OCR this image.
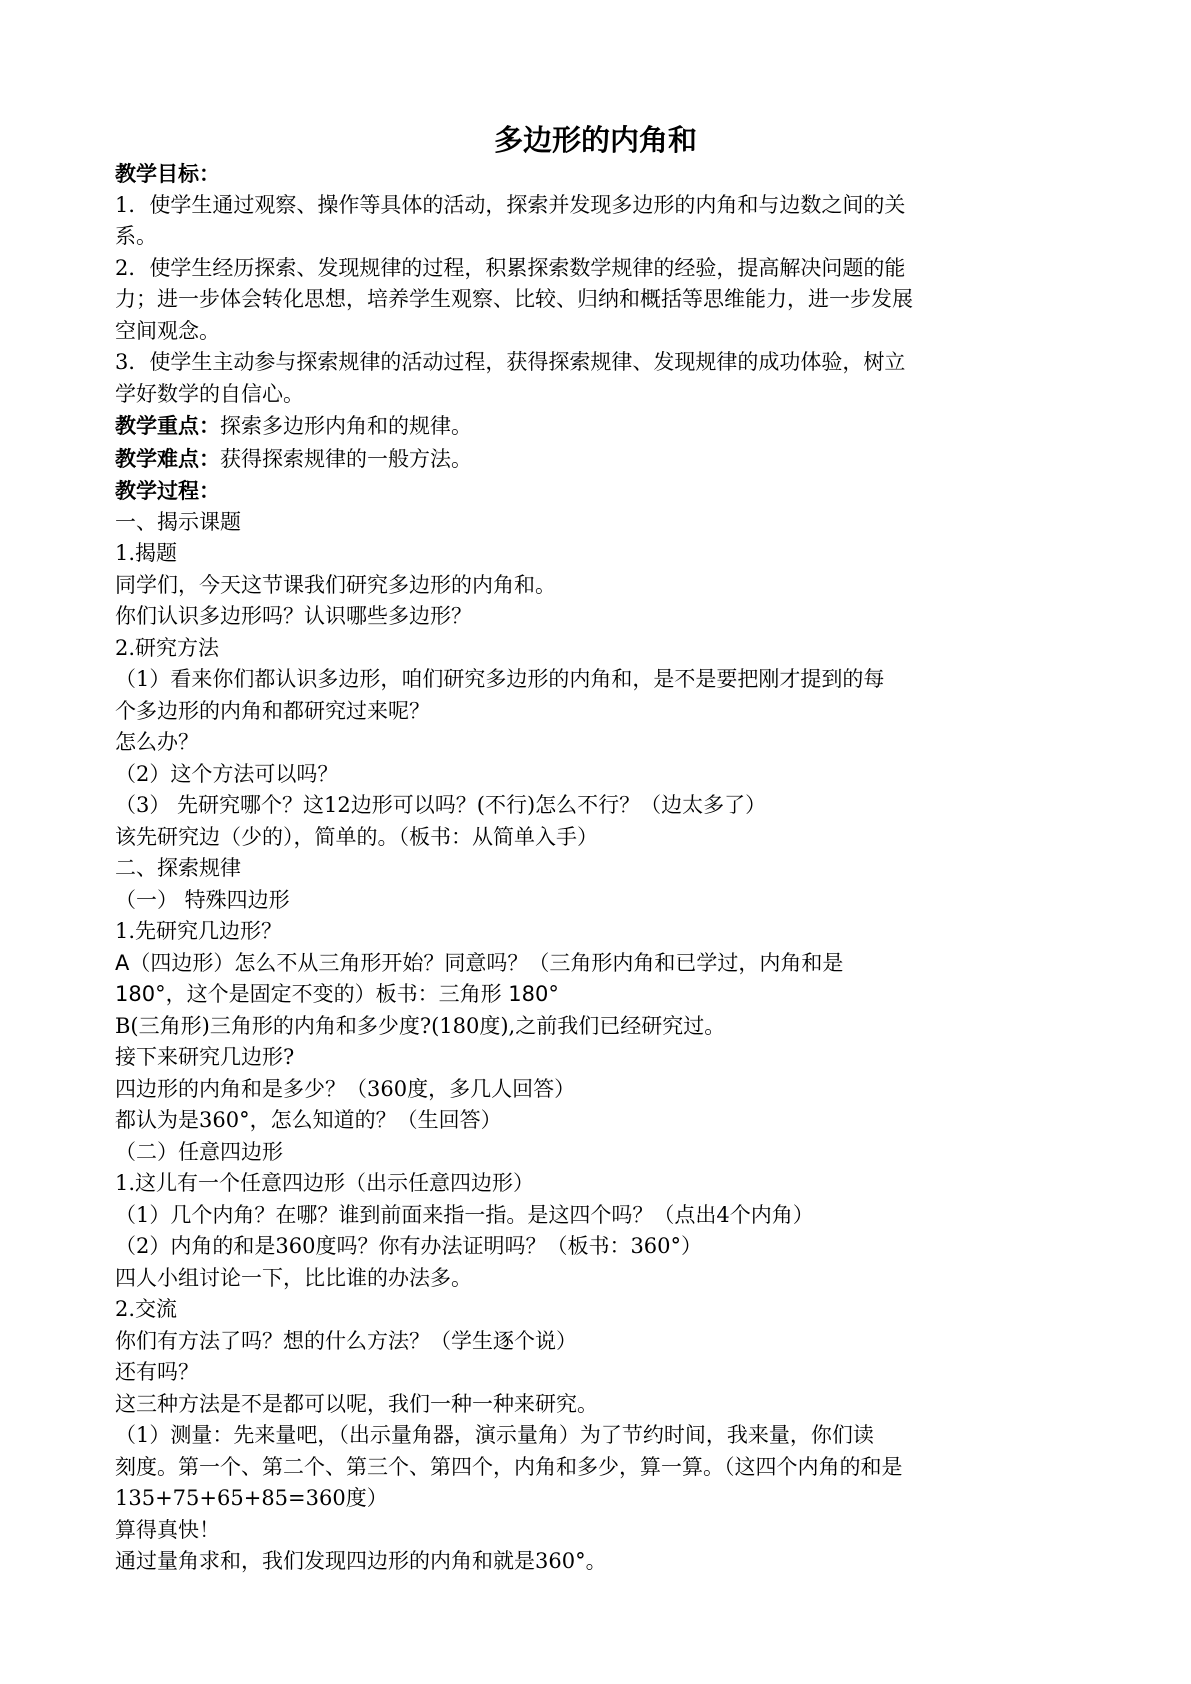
多边形的内角和

教学目标：

1．使学生通过观察、操作等具体的活动，探索并发现多边形的内角和与边数之间的关

系。

2．使学生经历探索、发现规律的过程，积累探索数学规律的经验，提高解决问题的能

力；进一步体会转化思想，培养学生观察、比较、归纳和概括等思维能力，进一步发展

空间观念。

3．使学生主动参与探索规律的活动过程，获得探索规律、发现规律的成功体验，树立

学好数学的自信心。

教学重点：探索多边形内角和的规律。

教学难点：获得探索规律的一般方法。

教学过程：

一、揭示课题

1.揭题

同学们，今天这节课我们研究多边形的内角和。

你们认识多边形吗？认识哪些多边形？

2.研究方法

（1）看来你们都认识多边形，咱们研究多边形的内角和，是不是要把刚才提到的每

个多边形的内角和都研究过来呢？

怎么办？

（2）这个方法可以吗？

（3） 先研究哪个？这12边形可以吗？(不行)怎么不行？（边太多了）

该先研究边（少的），简单的。（板书：从简单入手）

二、探索规律

（一） 特殊四边形

1.先研究几边形？

A（四边形）怎么不从三角形开始？同意吗？（三角形内角和已学过，内角和是

180°，这个是固定不变的）板书：三角形 180°

B(三角形)三角形的内角和多少度?(180度),之前我们已经研究过。

接下来研究几边形?

四边形的内角和是多少？（360度，多几人回答）

都认为是360°，怎么知道的？（生回答）

（二）任意四边形

1.这儿有一个任意四边形（出示任意四边形）

（1）几个内角？在哪？谁到前面来指一指。是这四个吗？（点出4个内角）

（2）内角的和是360度吗？你有办法证明吗？（板书：360°）

四人小组讨论一下，比比谁的办法多。

2.交流

你们有方法了吗？想的什么方法？（学生逐个说）

还有吗？

这三种方法是不是都可以呢，我们一种一种来研究。

（1）测量：先来量吧，（出示量角器，演示量角）为了节约时间，我来量，你们读

刻度。第一个、第二个、第三个、第四个，内角和多少，算一算。（这四个内角的和是

135+75+65+85=360度）

算得真快！

通过量角求和，我们发现四边形的内角和就是360°。
